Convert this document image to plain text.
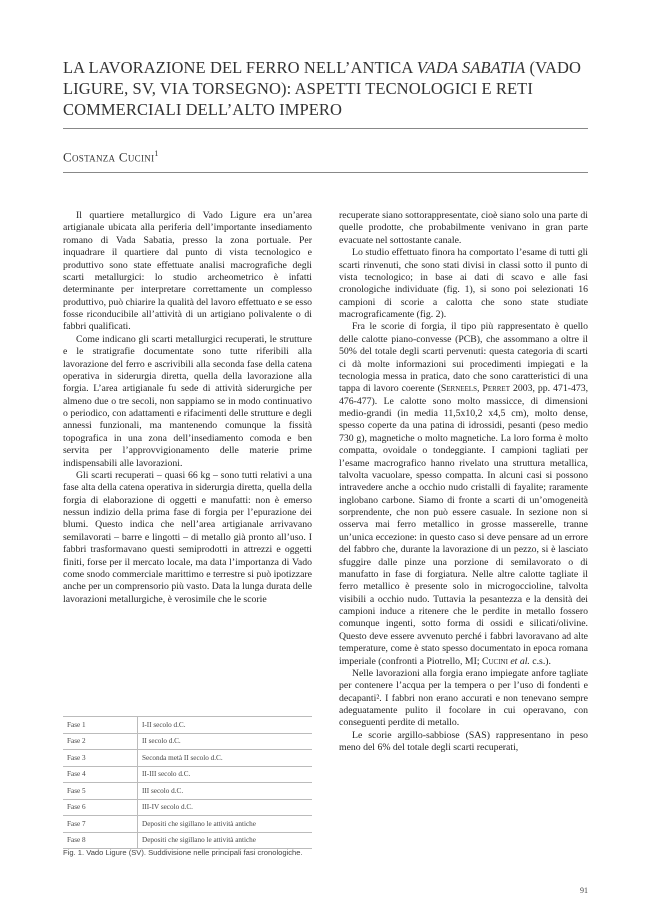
LA LAVORAZIONE DEL FERRO NELL’ANTICA VADA SABATIA (VADO LIGURE, SV, VIA TORSEGNO): ASPETTI TECNOLOGICI E RETI COMMERCIALI DELL’ALTO IMPERO
Costanza Cucini$^1$

Il quartiere metallurgico di Vado Ligure era un’area artigianale ubicata alla periferia dell’importante insediamento romano di Vada Sabatia, presso la zona portuale. Per inquadrare il quartiere dal punto di vista tecnologico e produttivo sono state effettuate analisi macrografiche degli scarti metallurgici: lo studio archeometrico è infatti determinante per interpretare correttamente un complesso produttivo, può chiarire la qualità del lavoro effettuato e se esso fosse riconducibile all’attività di un artigiano polivalente o di fabbri qualificati.

Come indicano gli scarti metallurgici recuperati, le strutture e le stratigrafie documentate sono tutte riferibili alla lavorazione del ferro e ascrivibili alla seconda fase della catena operativa in siderurgia diretta, quella della lavorazione alla forgia. L’area artigianale fu sede di attività siderurgiche per almeno due o tre secoli, non sappiamo se in modo continuativo o periodico, con adattamenti e rifacimenti delle strutture e degli annessi funzionali, ma mantenendo comunque la fissità topografica in una zona dell’insediamento comoda e ben servita per l’approvvigionamento delle materie prime indispensabili alle lavorazioni.

Gli scarti recuperati – quasi 66 kg – sono tutti relativi a una fase alta della catena operativa in siderurgia diretta, quella della forgia di elaborazione di oggetti e manufatti: non è emerso nessun indizio della prima fase di forgia per l’epurazione dei blumi. Questo indica che nell’area artigianale arrivavano semilavorati – barre e lingotti – di metallo già pronto all’uso. I fabbri trasformavano questi semiprodotti in attrezzi e oggetti finiti, forse per il mercato locale, ma data l’importanza di Vado come snodo commerciale marittimo e terrestre si può ipotizzare anche per un comprensorio più vasto. Data la lunga durata delle lavorazioni metallurgiche, è verosimile che le scorie

Fase 1	I-II secolo d.C.
Fase 2	II secolo d.C.
Fase 3	Seconda metà II secolo d.C.
Fase 4	II-III secolo d.C.
Fase 5	III secolo d.C.
Fase 6	III-IV secolo d.C.
Fase 7	Depositi che sigillano le attività antiche
Fase 8	Depositi che sigillano le attività antiche
Fig. 1. Vado Ligure (SV). Suddivisione nelle principali fasi cronologiche.

recuperate siano sottorappresentate, cioè siano solo una parte di quelle prodotte, che probabilmente venivano in gran parte evacuate nel sottostante canale.

Lo studio effettuato finora ha comportato l’esame di tutti gli scarti rinvenuti, che sono stati divisi in classi sotto il punto di vista tecnologico; in base ai dati di scavo e alle fasi cronologiche individuate (fig. 1), si sono poi selezionati 16 campioni di scorie a calotta che sono state studiate macrograficamente (fig. 2).

Fra le scorie di forgia, il tipo più rappresentato è quello delle calotte piano-convesse (PCB), che assommano a oltre il 50% del totale degli scarti pervenuti: questa categoria di scarti ci dà molte informazioni sui procedimenti impiegati e la tecnologia messa in pratica, dato che sono caratteristici di una tappa di lavoro coerente (Serneels, Perret 2003, pp. 471-473, 476-477). Le calotte sono molto massicce, di dimensioni medio-grandi (in media 11,5x10,2 x4,5 cm), molto dense, spesso coperte da una patina di idrossidi, pesanti (peso medio 730 g), magnetiche o molto magnetiche. La loro forma è molto compatta, ovoidale o tondeggiante. I campioni tagliati per l’esame macrografico hanno rivelato una struttura metallica, talvolta vacuolare, spesso compatta. In alcuni casi si possono intravedere anche a occhio nudo cristalli di fayalite; raramente inglobano carbone. Siamo di fronte a scarti di un’omogeneità sorprendente, che non può essere casuale. In sezione non si osserva mai ferro metallico in grosse masserelle, tranne un’unica eccezione: in questo caso si deve pensare ad un errore del fabbro che, durante la lavorazione di un pezzo, si è lasciato sfuggire dalle pinze una porzione di semilavorato o di manufatto in fase di forgiatura. Nelle altre calotte tagliate il ferro metallico è presente solo in microgoccioline, talvolta visibili a occhio nudo. Tuttavia la pesantezza e la densità dei campioni induce a ritenere che le perdite in metallo fossero comunque ingenti, sotto forma di ossidi e silicati/olivine. Questo deve essere avvenuto perché i fabbri lavoravano ad alte temperature, come è stato spesso documentato in epoca romana imperiale (confronti a Piotrello, MI; Cucini et al. c.s.).

Nelle lavorazioni alla forgia erano impiegate anfore tagliate per contenere l’acqua per la tempera o per l’uso di fondenti e decapanti². I fabbri non erano accurati e non tenevano sempre adeguatamente pulito il focolare in cui operavano, con conseguenti perdite di metallo.

Le scorie argillo-sabbiose (SAS) rappresentano in peso meno del 6% del totale degli scarti recuperati,

91
